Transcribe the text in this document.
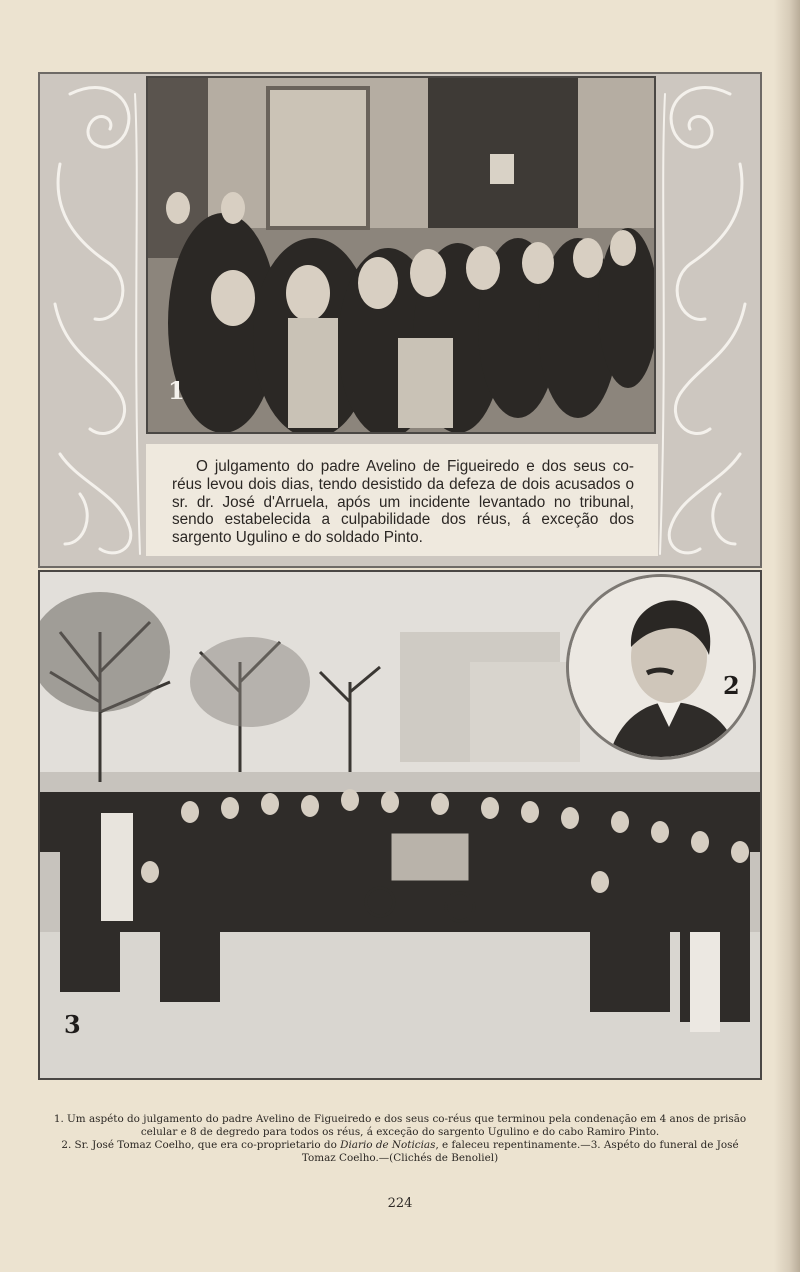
1
O julgamento do padre Avelino de Figueiredo e dos seus co-réus levou dois dias, tendo desistido da defeza de dois acusados o sr. dr. José d'Arruela, após um incidente levantado no tribunal, sendo estabelecida a culpabilidade dos réus, á exceção dos sargento Ugulino e do soldado Pinto.
3
2
1. Um aspéto do julgamento do padre Avelino de Figueiredo e dos seus co-réus que terminou pela condenação em 4 anos de prisão celular e 8 de degredo para todos os réus, á exceção do sargento Ugulino e do cabo Ramiro Pinto.
2. Sr. José Tomaz Coelho, que era co-proprietario do Diario de Noticias, e faleceu repentinamente.—3. Aspéto do funeral de José Tomaz Coelho.—(Clichés de Benoliel)
224
